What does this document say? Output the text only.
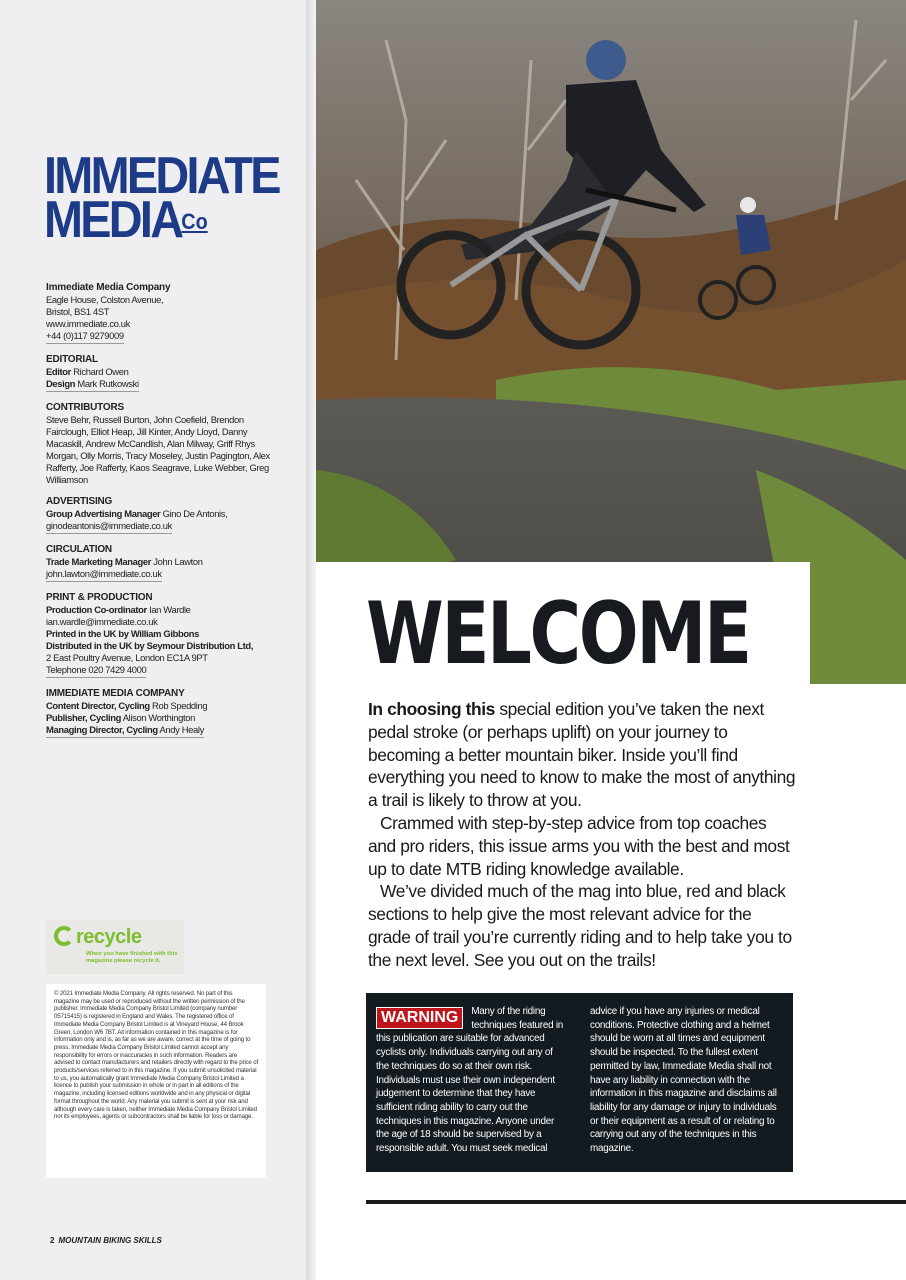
IMMEDIATE
$MEDIA^{Co}$
Immediate Media Company
Eagle House, Colston Avenue,
Bristol, BS1 4ST
www.immediate.co.uk
+44 (0)117 9279009
EDITORIAL
Editor Richard Owen
Design Mark Rutkowski
CONTRIBUTORS
Steve Behr, Russell Burton, John Coefield, Brendon Fairclough, Elliot Heap, Jill Kinter, Andy Lloyd, Danny Macaskill, Andrew McCandlish, Alan Milway, Griff Rhys Morgan, Olly Morris, Tracy Moseley, Justin Pagington, Alex Rafferty, Joe Rafferty, Kaos Seagrave, Luke Webber, Greg Williamson
ADVERTISING
Group Advertising Manager Gino De Antonis,
ginodeantonis@immediate.co.uk
CIRCULATION
Trade Marketing Manager John Lawton
john.lawton@immediate.co.uk
PRINT & PRODUCTION
Production Co-ordinator Ian Wardle
ian.wardle@immediate.co.uk
Printed in the UK by William Gibbons
Distributed in the UK by Seymour Distribution Ltd,
2 East Poultry Avenue, London EC1A 9PT
Telephone 020 7429 4000
IMMEDIATE MEDIA COMPANY
Content Director, Cycling Rob Spedding
Publisher, Cycling Alison Worthington
Managing Director, Cycling Andy Healy
recycle
When you have finished with this magazine please recycle it.
© 2021 Immediate Media Company. All rights reserved. No part of this magazine may be used or reproduced without the written permission of the publisher. Immediate Media Company Bristol Limited (company number 05715415) is registered in England and Wales. The registered office of Immediate Media Company Bristol Limited is at Vineyard House, 44 Brook Green, London W6 7BT. All information contained in this magazine is for information only and is, as far as we are aware, correct at the time of going to press. Immediate Media Company Bristol Limited cannot accept any responsibility for errors or inaccuracies in such information. Readers are advised to contact manufacturers and retailers directly with regard to the price of products/services referred to in this magazine. If you submit unsolicited material to us, you automatically grant Immediate Media Company Bristol Limited a licence to publish your submission in whole or in part in all editions of the magazine, including licensed editions worldwide and in any physical or digital format throughout the world. Any material you submit is sent at your risk and although every care is taken, neither Immediate Media Company Bristol Limited nor its employees, agents or subcontractors shall be liable for loss or damage.
2 MOUNTAIN BIKING SKILLS
WELCOME

In choosing this special edition you’ve taken the next pedal stroke (or perhaps uplift) on your journey to becoming a better mountain biker. Inside you’ll find everything you need to know to make the most of anything a trail is likely to throw at you.

Crammed with step-by-step advice from top coaches and pro riders, this issue arms you with the best and most up to date MTB riding knowledge available.

We’ve divided much of the mag into blue, red and black sections to help give the most relevant advice for the grade of trail you’re currently riding and to help take you to the next level. See you out on the trails!

WARNING	Many of the riding techniques featured in this publication are suitable for advanced cyclists only. Individuals carrying out any of the techniques do so at their own risk. Individuals must use their own independent judgement to determine that they have sufficient riding ability to carry out the techniques in this magazine. Anyone under the age of 18 should be supervised by a responsible adult. You must seek medical
advice if you have any injuries or medical conditions. Protective clothing and a helmet should be worn at all times and equipment should be inspected. To the fullest extent permitted by law, Immediate Media shall not have any liability in connection with the information in this magazine and disclaims all liability for any damage or injury to individuals or their equipment as a result of or relating to carrying out any of the techniques in this magazine.
